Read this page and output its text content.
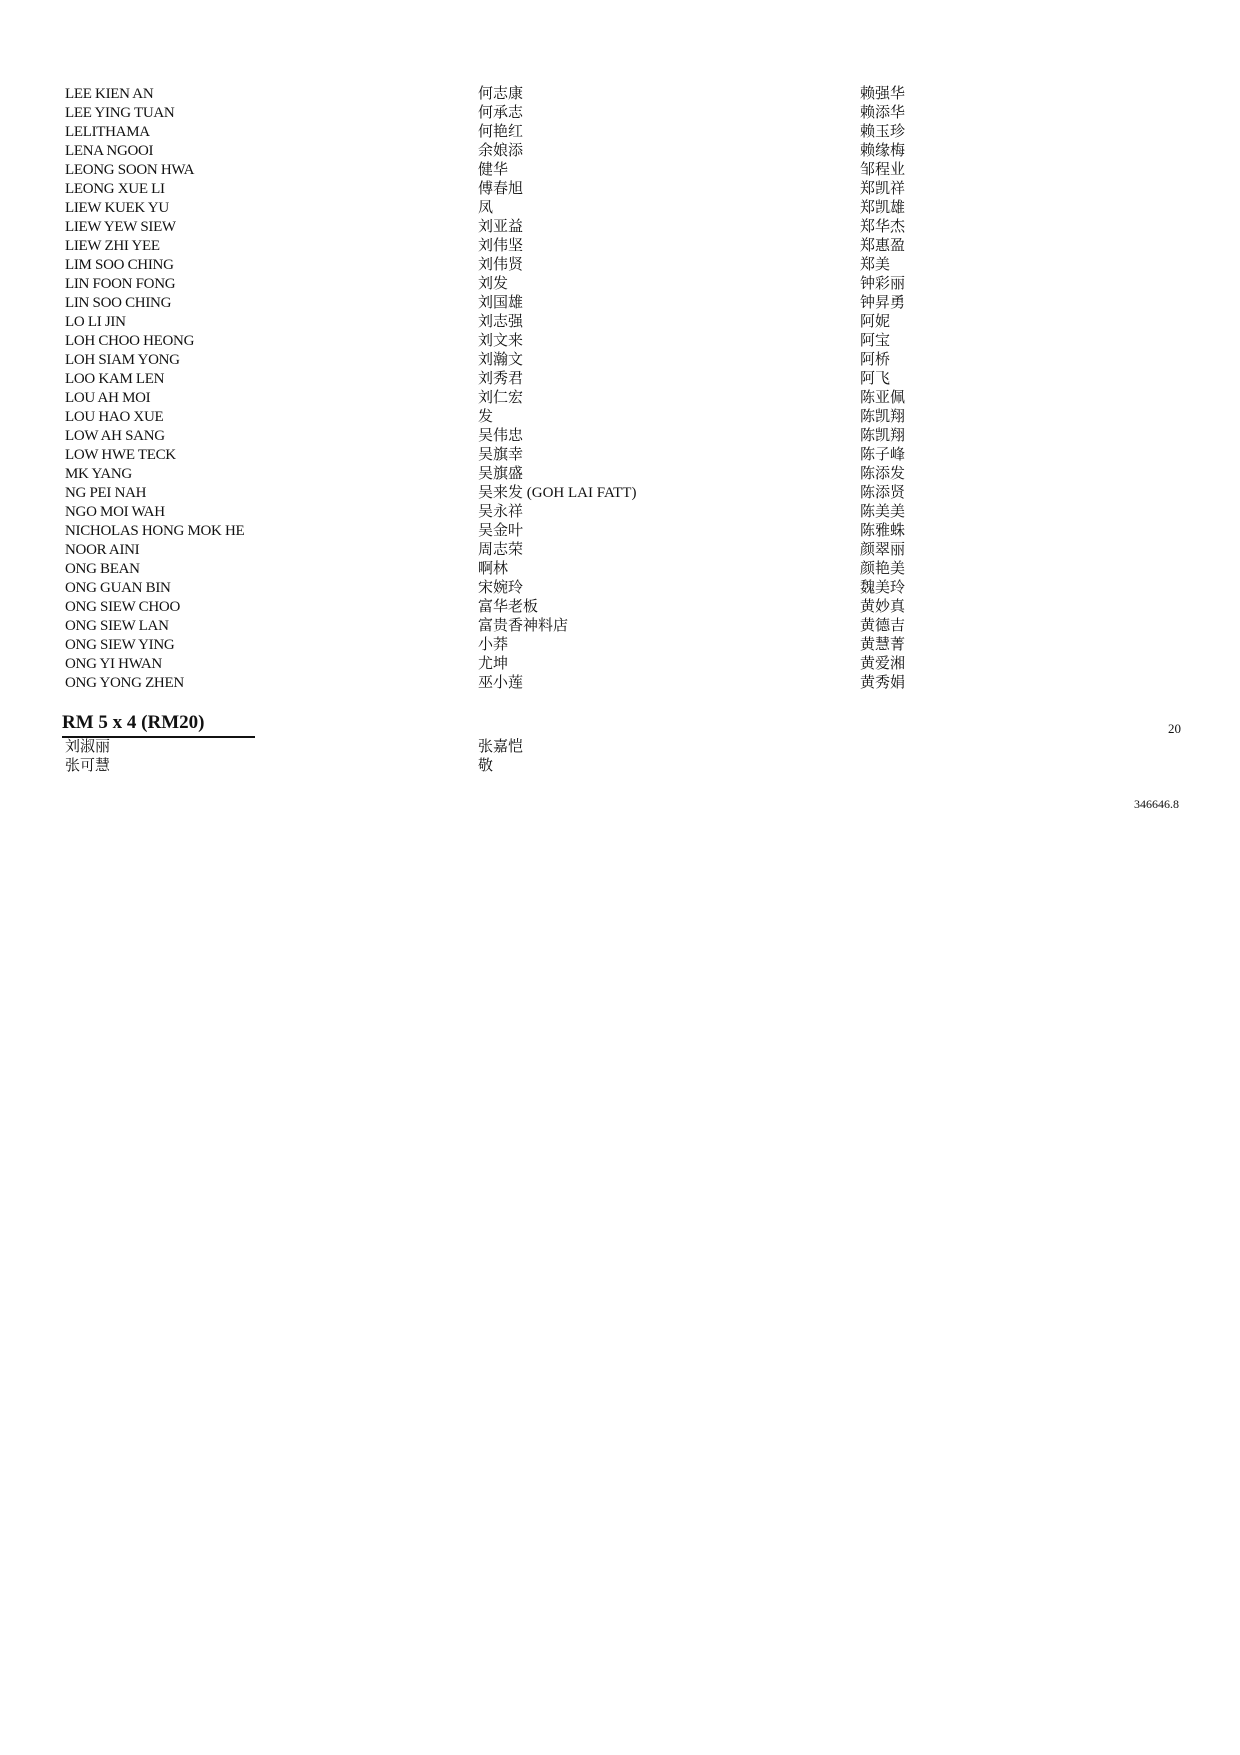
LEE KIEN AN
LEE YING TUAN
LELITHAMA
LENA NGOOI
LEONG SOON HWA
LEONG XUE LI
LIEW KUEK YU
LIEW YEW SIEW
LIEW ZHI YEE
LIM SOO CHING
LIN FOON FONG
LIN SOO CHING
LO LI JIN
LOH CHOO HEONG
LOH SIAM YONG
LOO KAM LEN
LOU AH MOI
LOU HAO XUE
LOW AH SANG
LOW HWE TECK
MK YANG
NG PEI NAH
NGO MOI WAH
NICHOLAS HONG MOK HE
NOOR AINI
ONG BEAN
ONG GUAN BIN
ONG SIEW CHOO
ONG SIEW LAN
ONG SIEW YING
ONG YI HWAN
ONG YONG ZHEN
何志康
何承志
何艳红
余娘添
健华
傅春旭
凤
刘亚益
刘伟坚
刘伟贤
刘发
刘国雄
刘志强
刘文来
刘瀚文
刘秀君
刘仁宏
发
吴伟忠
吴旗幸
吴旗盛
吴来发 (GOH LAI FATT)
吴永祥
吴金叶
周志荣
啊林
宋婉玲
富华老板
富贵香神料店
小莽
尤坤
巫小莲
赖强华
赖添华
赖玉珍
赖缘梅
邹程业
郑凯祥
郑凯雄
郑华杰
郑惠盈
郑美
钟彩丽
钟昇勇
阿妮
阿宝
阿桥
阿飞
陈亚佩
陈凯翔
陈凯翔
陈子峰
陈添发
陈添贤
陈美美
陈雅蛛
颜翠丽
颜艳美
魏美玲
黄妙真
黄德吉
黄慧菁
黄爱湘
黄秀娟
RM 5 x 4 (RM20)	20
刘淑丽
张可慧
张嘉恺
敬
346646.8
